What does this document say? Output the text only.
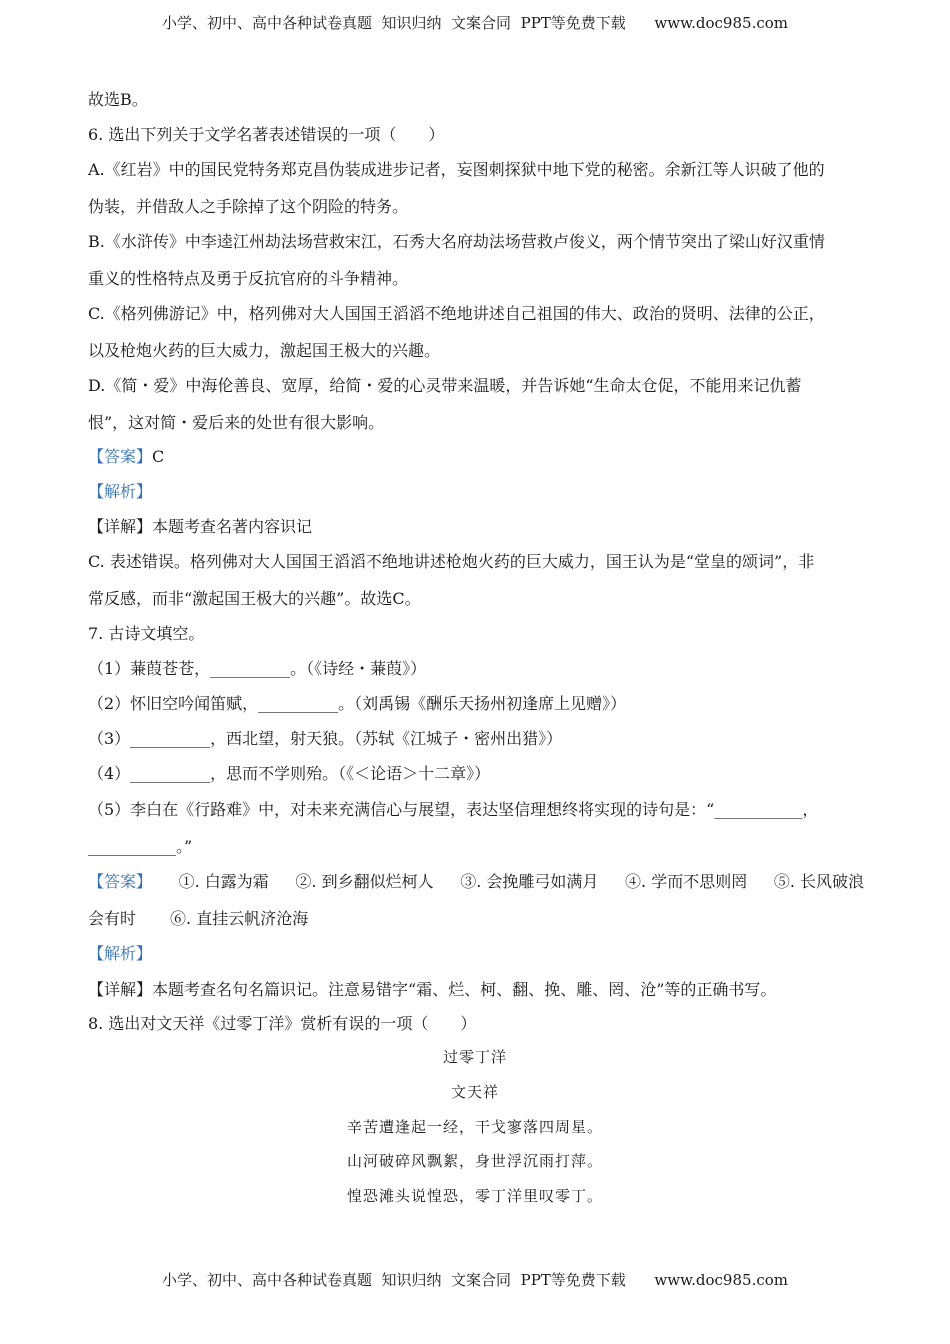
小学、初中、高中各种试卷真题  知识归纳  文案合同  PPT等免费下载      www.doc985.com
故选B。
6. 选出下列关于文学名著表述错误的一项（　　）
A.《红岩》中的国民党特务郑克昌伪装成进步记者，妄图刺探狱中地下党的秘密。余新江等人识破了他的
伪装，并借敌人之手除掉了这个阴险的特务。
B.《水浒传》中李逵江州劫法场营救宋江，石秀大名府劫法场营救卢俊义，两个情节突出了梁山好汉重情
重义的性格特点及勇于反抗官府的斗争精神。
C.《格列佛游记》中，格列佛对大人国国王滔滔不绝地讲述自己祖国的伟大、政治的贤明、法律的公正，
以及枪炮火药的巨大威力，激起国王极大的兴趣。
D.《简・爱》中海伦善良、宽厚，给简・爱的心灵带来温暖，并告诉她“生命太仓促，不能用来记仇蓄
恨”，这对简・爱后来的处世有很大影响。
【答案】C
【解析】
【详解】本题考查名著内容识记
C. 表述错误。格列佛对大人国国王滔滔不绝地讲述枪炮火药的巨大威力，国王认为是“堂皇的颂词”，非
常反感，而非“激起国王极大的兴趣”。故选C。
7. 古诗文填空。
（1）蒹葭苍苍，__________。（《诗经・蒹葭》）
（2）怀旧空吟闻笛赋，__________。（刘禹锡《酬乐天扬州初逢席上见赠》）
（3）__________，西北望，射天狼。（苏轼《江城子・密州出猎》）
（4）__________，思而不学则殆。（《＜论语＞十二章》）
（5）李白在《行路难》中，对未来充满信心与展望，表达坚信理想终将实现的诗句是：“___________，
___________。”
【答案】 ①. 白露为霜 ②. 到乡翻似烂柯人 ③. 会挽雕弓如满月 ④. 学而不思则罔 ⑤. 长风破浪
会有时 ⑥. 直挂云帆济沧海
【解析】
【详解】本题考查名句名篇识记。注意易错字“霜、烂、柯、翻、挽、雕、罔、沧”等的正确书写。
8. 选出对文天祥《过零丁洋》赏析有误的一项（　　）
过零丁洋
文天祥
辛苦遭逢起一经，干戈寥落四周星。
山河破碎风飘絮，身世浮沉雨打萍。
惶恐滩头说惶恐，零丁洋里叹零丁。
小学、初中、高中各种试卷真题  知识归纳  文案合同  PPT等免费下载      www.doc985.com
